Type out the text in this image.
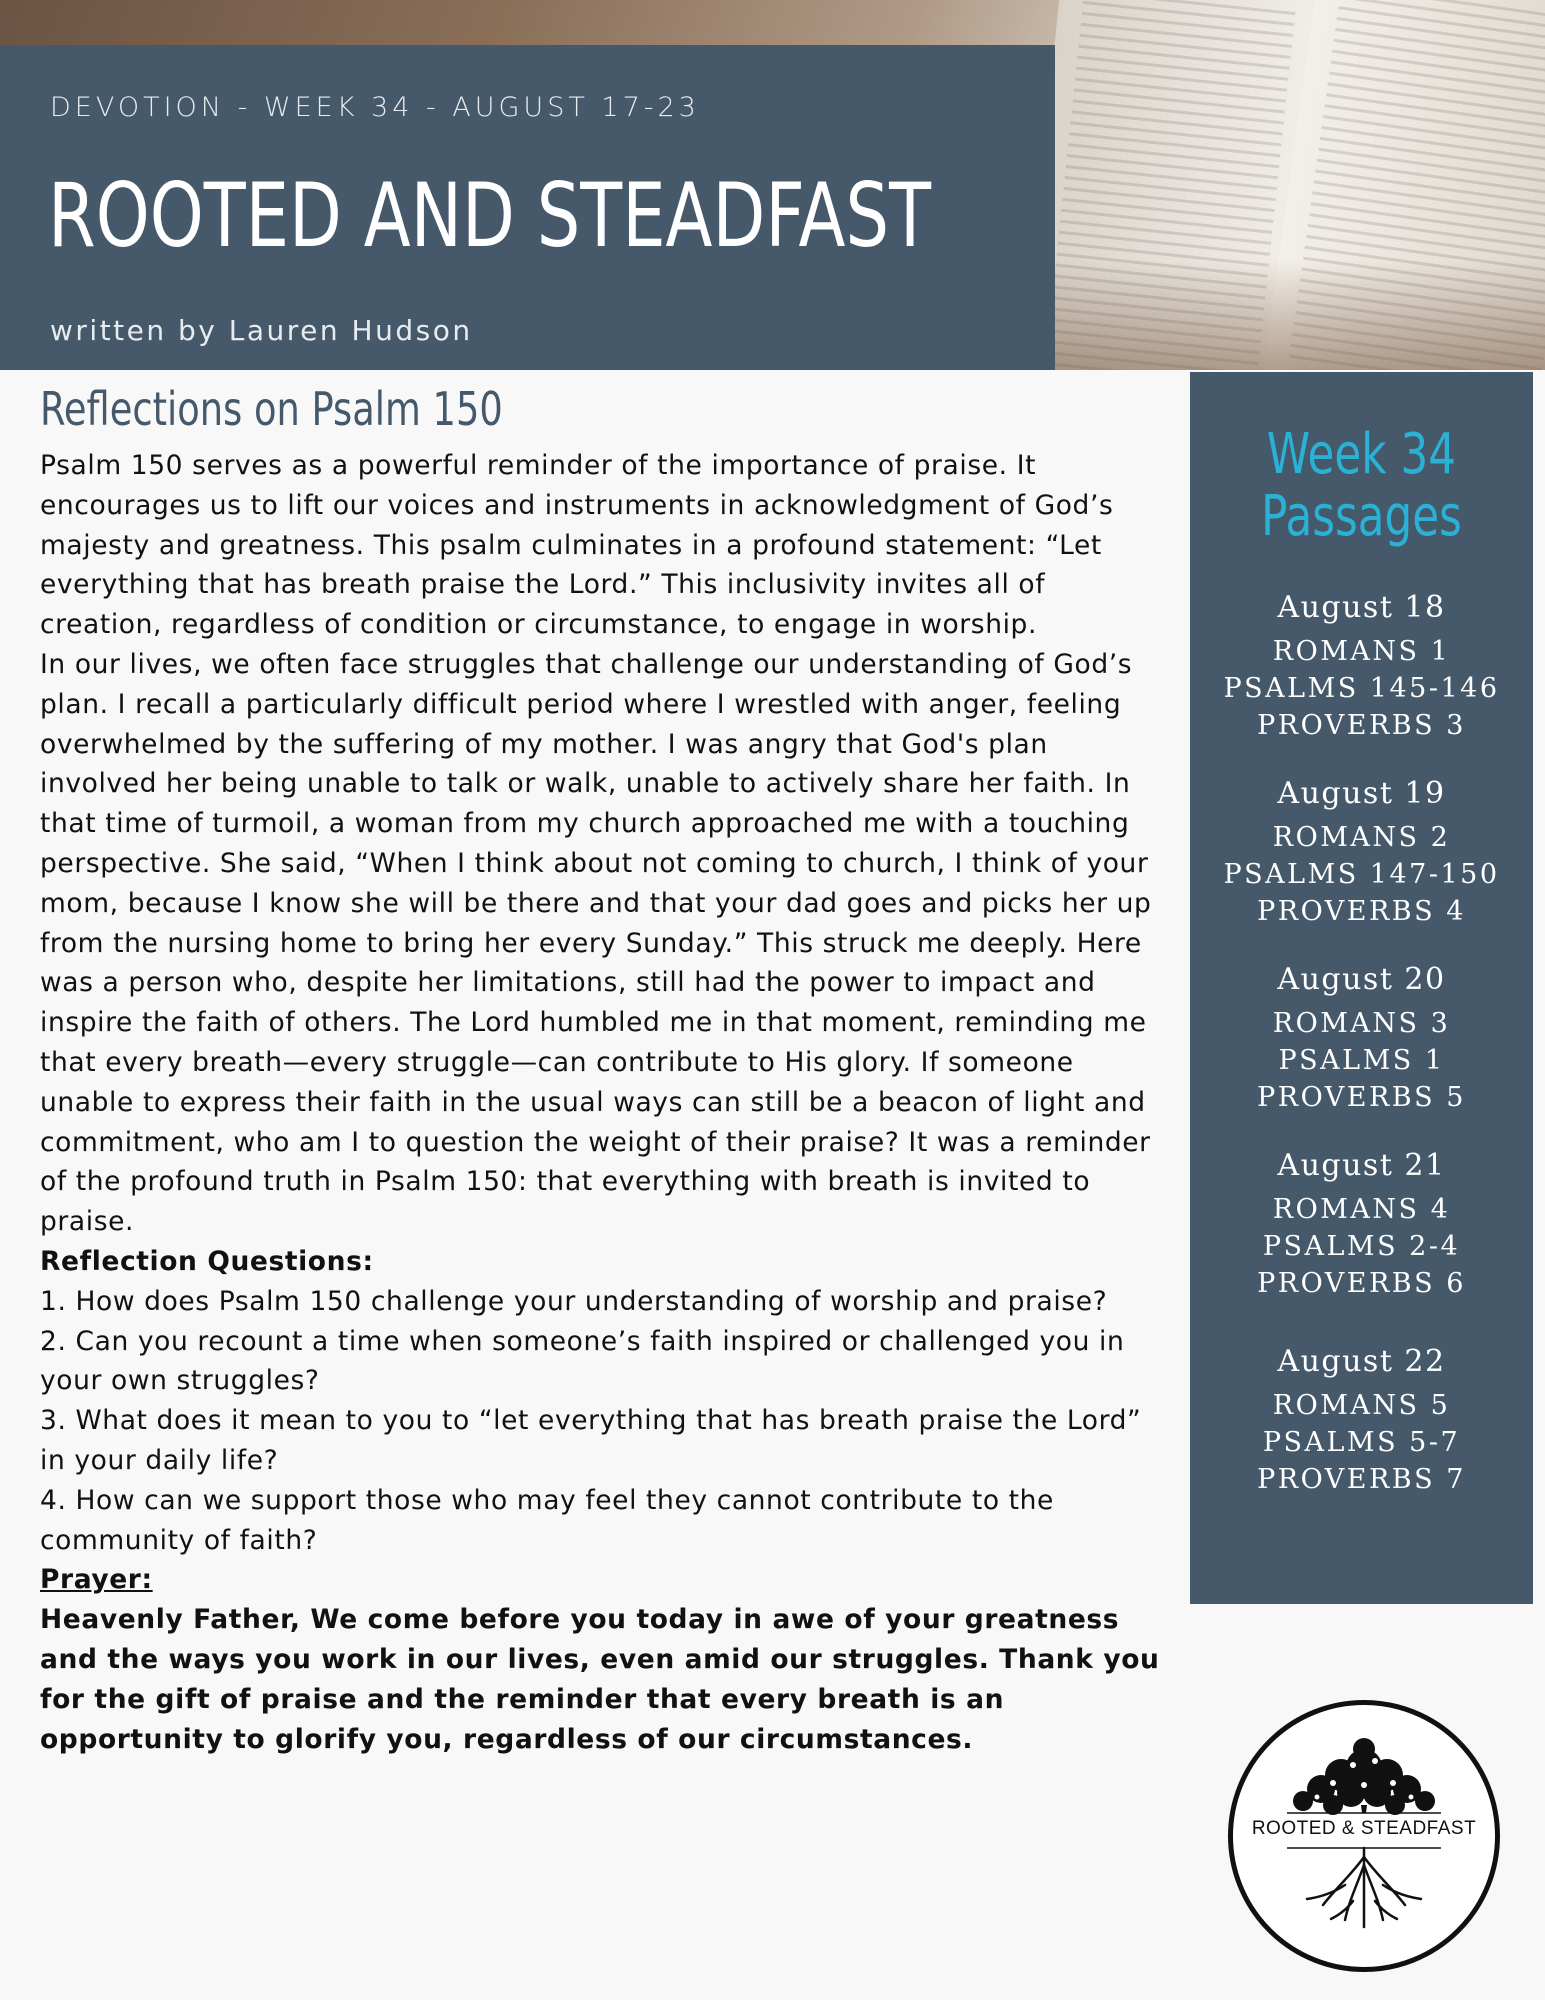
DEVOTION - WEEK 34 - AUGUST 17-23
ROOTED AND STEADFAST
written by Lauren Hudson
Reflections on Psalm 150

Psalm 150 serves as a powerful reminder of the importance of praise. It encourages us to lift our voices and instruments in acknowledgment of God’s majesty and greatness. This psalm culminates in a profound statement: “Let everything that has breath praise the Lord.” This inclusivity invites all of creation, regardless of condition or circumstance, to engage in worship.

In our lives, we often face struggles that challenge our understanding of God’s plan. I recall a particularly difficult period where I wrestled with anger, feeling overwhelmed by the suffering of my mother. I was angry that God's plan involved her being unable to talk or walk, unable to actively share her faith. In that time of turmoil, a woman from my church approached me with a touching perspective. She said, “When I think about not coming to church, I think of your mom, because I know she will be there and that your dad goes and picks her up from the nursing home to bring her every Sunday.” This struck me deeply. Here was a person who, despite her limitations, still had the power to impact and inspire the faith of others. The Lord humbled me in that moment, reminding me that every breath—every struggle—can contribute to His glory. If someone unable to express their faith in the usual ways can still be a beacon of light and commitment, who am I to question the weight of their praise? It was a reminder of the profound truth in Psalm 150: that everything with breath is invited to praise.

Reflection Questions:

1. How does Psalm 150 challenge your understanding of worship and praise?

2. Can you recount a time when someone’s faith inspired or challenged you in your own struggles?

3. What does it mean to you to “let everything that has breath praise the Lord” in your daily life?

4. How can we support those who may feel they cannot contribute to the community of faith?

Prayer:

Heavenly Father, We come before you today in awe of your greatness and the ways you work in our lives, even amid our struggles. Thank you for the gift of praise and the reminder that every breath is an opportunity to glorify you, regardless of our circumstances.

Week 34
Passages
August 18
ROMANS 1
PSALMS 145-146
PROVERBS 3
August 19
ROMANS 2
PSALMS 147-150
PROVERBS 4
August 20
ROMANS 3
PSALMS 1
PROVERBS 5
August 21
ROMANS 4
PSALMS 2-4
PROVERBS 6
August 22
ROMANS 5
PSALMS 5-7
PROVERBS 7
ROOTED & STEADFAST
